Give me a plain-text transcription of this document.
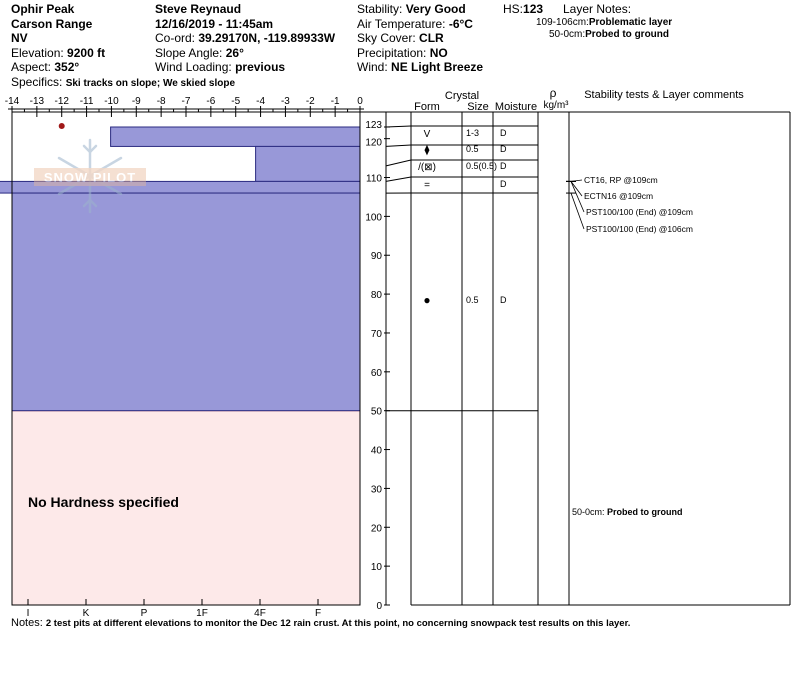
Ophir Peak
Carson Range
NV
Elevation: 9200 ft
Aspect: 352°
Specifics: Ski tracks on slope; We skied slope
Steve Reynaud
12/16/2019 - 11:45am
Co-ord: 39.29170N, -119.89933W
Slope Angle: 26°
Wind Loading: previous
Stability: Very Good
Air Temperature: -6°C
Sky Cover: CLR
Precipitation: NO
Wind: NE Light Breeze
HS:123 Layer Notes:
109-106cm:Problematic layer
50-0cm:Probed to ground
-14 -13 -12 -11 -10 -9 -8 -7 -6 -5 -4 -3 -2 -1 0
I	K	P	1F	4F	F
0
10
20
30
40
50
60
70
80
90
100
110
120
123
SNOW PILOT
No Hardness specified
V	1-3 D
⧫	0.5 D
/(⊠)	0.5(0.5) D
=	D
●	0.5 D
Crystal
Form Size Moisture
ρ
kg/m³
Stability tests & Layer comments
CT16, RP @109cm
ECTN16 @109cm
PST100/100 (End) @109cm
PST100/100 (End) @106cm
50-0cm: Probed to ground
Notes: 2 test pits at different elevations to monitor the Dec 12 rain crust. At this point, no concerning snowpack test results on this layer.
